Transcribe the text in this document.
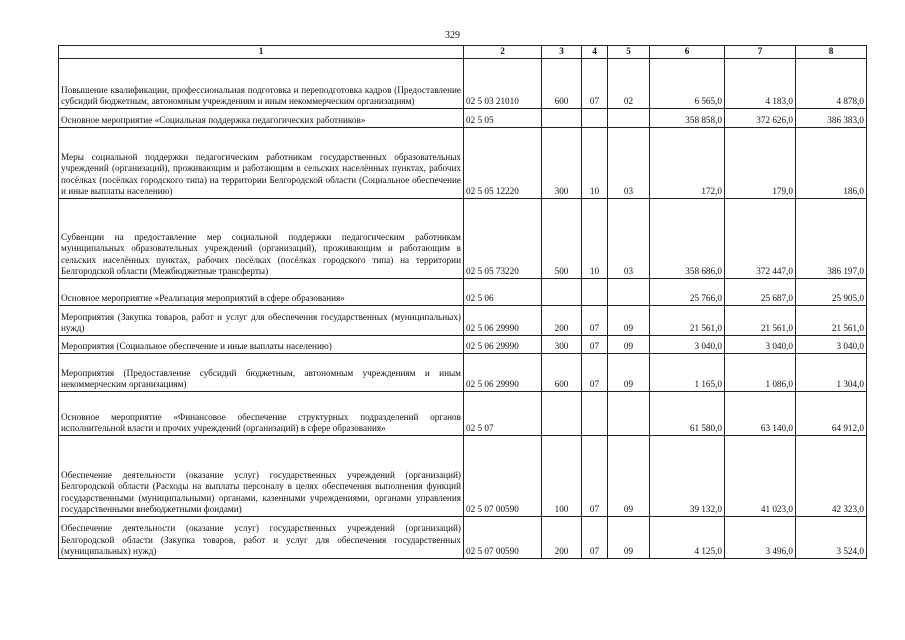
329
1	2	3	4	5	6	7	8
Повышение квалификации, профессиональная подготовка и переподготовка кадров (Предоставление субсидий бюджетным, автономным учреждениям и иным некоммерческим организациям)	02 5 03 21010	600	07	02	6 565,0	4 183,0	4 878,0
Основное мероприятие «Социальная поддержка педагогических работников»	02 5 05				358 858,0	372 626,0	386 383,0
Меры социальной поддержки педагогическим работникам государственных образовательных учреждений (организаций), проживающим и работающим в сельских населённых пунктах, рабочих посёлках (посёлках городского типа) на территории Белгородской области (Социальное обеспечение и иные выплаты населению)	02 5 05 12220	300	10	03	172,0	179,0	186,0
Субвенции на предоставление мер социальной поддержки педагогическим работникам муниципальных образовательных учреждений (организаций), проживающим и работающим в сельских населённых пунктах, рабочих посёлках (посёлках городского типа) на территории Белгородской области (Межбюджетные трансферты)	02 5 05 73220	500	10	03	358 686,0	372 447,0	386 197,0
Основное мероприятие «Реализация мероприятий в сфере образования»	02 5 06				25 766,0	25 687,0	25 905,0
Мероприятия (Закупка товаров, работ и услуг для обеспечения государственных (муниципальных) нужд)	02 5 06 29990	200	07	09	21 561,0	21 561,0	21 561,0
Мероприятия (Социальное обеспечение и иные выплаты населению)	02 5 06 29990	300	07	09	3 040,0	3 040,0	3 040,0
Мероприятия (Предоставление субсидий бюджетным, автономным учреждениям и иным некоммерческим организациям)	02 5 06 29990	600	07	09	1 165,0	1 086,0	1 304,0
Основное мероприятие «Финансовое обеспечение структурных подразделений органов исполнительной власти и прочих учреждений (организаций) в сфере образования»	02 5 07				61 580,0	63 140,0	64 912,0
Обеспечение деятельности (оказание услуг) государственных учреждений (организаций) Белгородской области (Расходы на выплаты персоналу в целях обеспечения выполнения функций государственными (муниципальными) органами, казенными учреждениями, органами управления государственными внебюджетными фондами)	02 5 07 00590	100	07	09	39 132,0	41 023,0	42 323,0
Обеспечение деятельности (оказание услуг) государственных учреждений (организаций) Белгородской области (Закупка товаров, работ и услуг для обеспечения государственных (муниципальных) нужд)	02 5 07 00590	200	07	09	4 125,0	3 496,0	3 524,0
